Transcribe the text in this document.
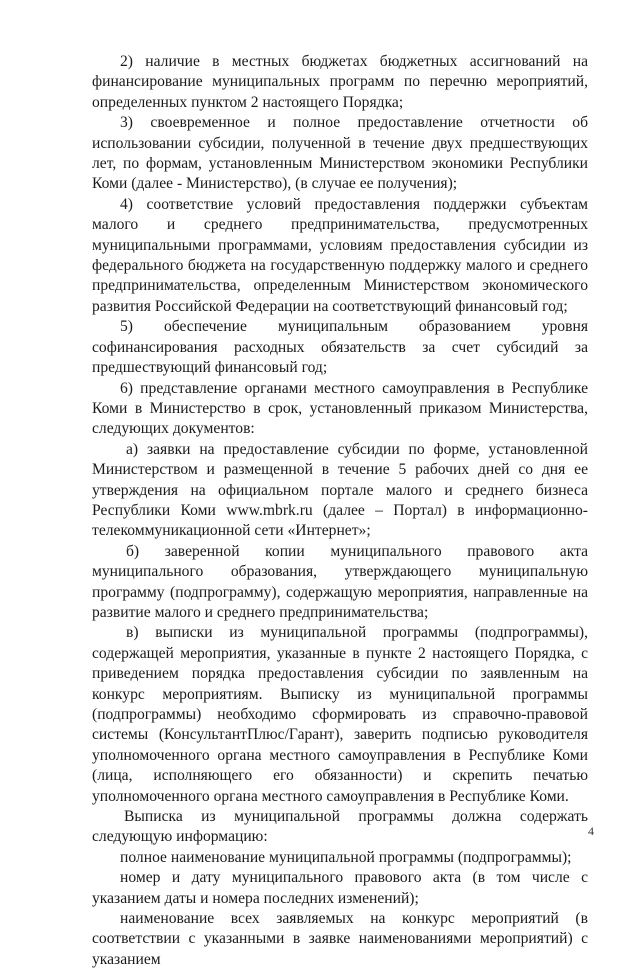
2) наличие в местных бюджетах бюджетных ассигнований на финансирование муниципальных программ по перечню мероприятий, определенных пунктом 2 настоящего Порядка;

3) своевременное и полное предоставление отчетности об использовании субсидии, полученной в течение двух предшествующих лет, по формам, установленным Министерством экономики Республики Коми (далее - Министерство), (в случае ее получения);

4) соответствие условий предоставления поддержки субъектам малого и среднего предпринимательства, предусмотренных муниципальными программами, условиям предоставления субсидии из федерального бюджета на государственную поддержку малого и среднего предпринимательства, определенным Министерством экономического развития Российской Федерации на соответствующий финансовый год;

5) обеспечение муниципальным образованием уровня софинансирования расходных обязательств за счет субсидий за предшествующий финансовый год;

6) представление органами местного самоуправления в Республике Коми в Министерство в срок, установленный приказом Министерства, следующих документов:

а) заявки на предоставление субсидии по форме, установленной Министерством и размещенной в течение 5 рабочих дней со дня ее утверждения на официальном портале малого и среднего бизнеса Республики Коми www.mbrk.ru (далее – Портал) в информационно-телекоммуникационной сети «Интернет»;

б) заверенной копии муниципального правового акта муниципального образования, утверждающего муниципальную программу (подпрограмму), содержащую мероприятия, направленные на развитие малого и среднего предпринимательства;

в) выписки из муниципальной программы (подпрограммы), содержащей мероприятия, указанные в пункте 2 настоящего Порядка, с приведением порядка предоставления субсидии по заявленным на конкурс мероприятиям. Выписку из муниципальной программы (подпрограммы) необходимо сформировать из справочно-правовой системы (КонсультантПлюс/Гарант), заверить подписью руководителя уполномоченного органа местного самоуправления в Республике Коми (лица, исполняющего его обязанности) и скрепить печатью уполномоченного органа местного самоуправления в Республике Коми.

Выписка из муниципальной программы должна содержать следующую информацию:

полное наименование муниципальной программы (подпрограммы);

номер и дату муниципального правового акта (в том числе с указанием даты и номера последних изменений);

наименование всех заявляемых на конкурс мероприятий (в соответствии с указанными в заявке наименованиями мероприятий) с указанием

4
